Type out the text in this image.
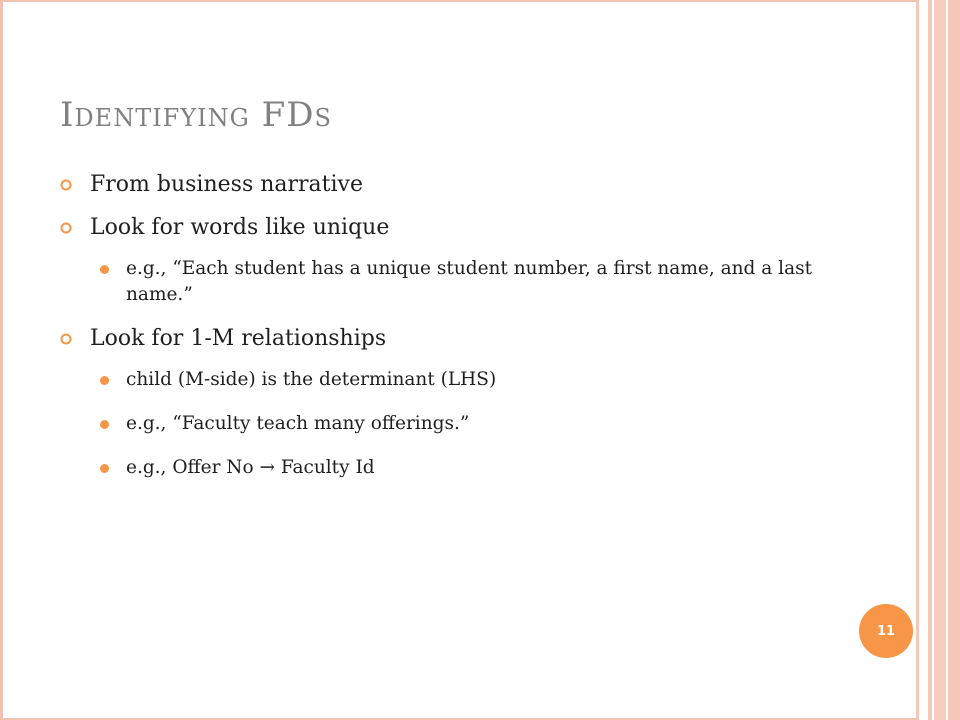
Identifying FDs
From business narrative
Look for words like unique
e.g., “Each student has a unique student number, a first name, and a last name.”
Look for 1-M relationships
child (M-side) is the determinant (LHS)
e.g., “Faculty teach many offerings.”
e.g., Offer No → Faculty Id
11
